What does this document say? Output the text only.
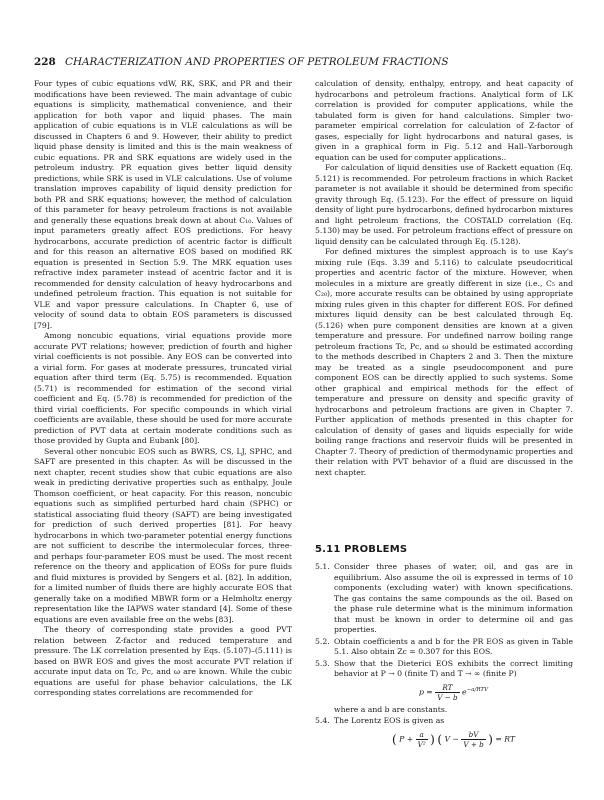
228 CHARACTERIZATION AND PROPERTIES OF PETROLEUM FRACTIONS

Four types of cubic equations vdW, RK, SRK, and PR and their modifications have been reviewed. The main advantage of cubic equations is simplicity, mathematical convenience, and their application for both vapor and liquid phases. The main application of cubic equations is in VLE calculations as will be discussed in Chapters 6 and 9. However, their ability to predict liquid phase density is limited and this is the main weakness of cubic equations. PR and SRK equations are widely used in the petroleum industry. PR equation gives better liquid density predictions, while SRK is used in VLE calculations. Use of volume translation improves capability of liquid density prediction for both PR and SRK equations; however, the method of calculation of this parameter for heavy petroleum fractions is not available and generally these equations break down at about C₁₀. Values of input parameters greatly affect EOS predictions. For heavy hydrocarbons, accurate prediction of acentric factor is difficult and for this reason an alternative EOS based on modified RK equation is presented in Section 5.9. The MRK equation uses refractive index parameter instead of acentric factor and it is recommended for density calculation of heavy hydrocarbons and undefined petroleum fraction. This equation is not suitable for VLE and vapor pressure calculations. In Chapter 6, use of velocity of sound data to obtain EOS parameters is discussed [79].

Among noncubic equations, virial equations provide more accurate PVT relations; however, prediction of fourth and higher virial coefficients is not possible. Any EOS can be converted into a virial form. For gases at moderate pressures, truncated virial equation after third term (Eq. 5.75) is recommended. Equation (5.71) is recommended for estimation of the second virial coefficient and Eq. (5.78) is recommended for prediction of the third virial coefficients. For specific compounds in which virial coefficients are available, these should be used for more accurate prediction of PVT data at certain moderate conditions such as those provided by Gupta and Eubank [80].

Several other noncubic EOS such as BWRS, CS, LJ, SPHC, and SAFT are presented in this chapter. As will be discussed in the next chapter, recent studies show that cubic equations are also weak in predicting derivative properties such as enthalpy, Joule Thomson coefficient, or heat capacity. For this reason, noncubic equations such as simplified perturbed hard chain (SPHC) or statistical associating fluid theory (SAFT) are being investigated for prediction of such derived properties [81]. For heavy hydrocarbons in which two-parameter potential energy functions are not sufficient to describe the intermolecular forces, three- and perhaps four-parameter EOS must be used. The most recent reference on the theory and application of EOSs for pure fluids and fluid mixtures is provided by Sengers et al. [82]. In addition, for a limited number of fluids there are highly accurate EOS that generally take on a modified MBWR form or a Helmholtz energy representation like the IAPWS water standard [4]. Some of these equations are even available free on the webs [83].

The theory of corresponding state provides a good PVT relation between Z-factor and reduced temperature and pressure. The LK correlation presented by Eqs. (5.107)–(5.111) is based on BWR EOS and gives the most accurate PVT relation if accurate input data on Tc, Pc, and ω are known. While the cubic equations are useful for phase behavior calculations, the LK corresponding states correlations are recommended for

calculation of density, enthalpy, entropy, and heat capacity of hydrocarbons and petroleum fractions. Analytical form of LK correlation is provided for computer applications, while the tabulated form is given for hand calculations. Simpler two-parameter empirical correlation for calculation of Z-factor of gases, especially for light hydrocarbons and natural gases, is given in a graphical form in Fig. 5.12 and Hall–Yarborough equation can be used for computer applications..

For calculation of liquid densities use of Rackett equation (Eq. 5.121) is recommended. For petroleum fractions in which Racket parameter is not available it should be determined from specific gravity through Eq. (5.123). For the effect of pressure on liquid density of light pure hydrocarbons, defined hydrocarbon mixtures and light petroleum fractions, the COSTALD correlation (Eq. 5.130) may be used. For petroleum fractions effect of pressure on liquid density can be calculated through Eq. (5.128).

For defined mixtures the simplest approach is to use Kay's mixing rule (Eqs. 3.39 and 5.116) to calculate pseudocritical properties and acentric factor of the mixture. However, when molecules in a mixture are greatly different in size (i.e., C₅ and C₂₀), more accurate results can be obtained by using appropriate mixing rules given in this chapter for different EOS. For defined mixtures liquid density can be best calculated through Eq. (5.126) when pure component densities are known at a given temperature and pressure. For undefined narrow boiling range petroleum fractions Tc, Pc, and ω should be estimated according to the methods described in Chapters 2 and 3. Then the mixture may be treated as a single pseudocomponent and pure component EOS can be directly applied to such systems. Some other graphical and empirical methods for the effect of temperature and pressure on density and specific gravity of hydrocarbons and petroleum fractions are given in Chapter 7. Further application of methods presented in this chapter for calculation of density of gases and liquids especially for wide boiling range fractions and reservoir fluids will be presented in Chapter 7. Theory of prediction of thermodynamic properties and their relation with PVT behavior of a fluid are discussed in the next chapter.

5.11 PROBLEMS
5.1. Consider three phases of water, oil, and gas are in equilibrium. Also assume the oil is expressed in terms of 10 components (excluding water) with known specifications. The gas contains the same compounds as the oil. Based on the phase rule determine what is the minimum information that must be known in order to determine oil and gas properties.
5.2. Obtain coefficients a and b for the PR EOS as given in Table 5.1. Also obtain Zc = 0.307 for this EOS.
5.3. Show that the Dieterici EOS exhibits the correct limiting behavior at P → 0 (finite T) and T → ∞ (finite P)
$p = \frac{RT}{V - b} e^{-a/RTV}$
where a and b are constants.
5.4. The Lorentz EOS is given as
( $P + \frac{a}{\text{V²}}$ ) ( $V - \frac{bV}{V + b}$ ) = RT
